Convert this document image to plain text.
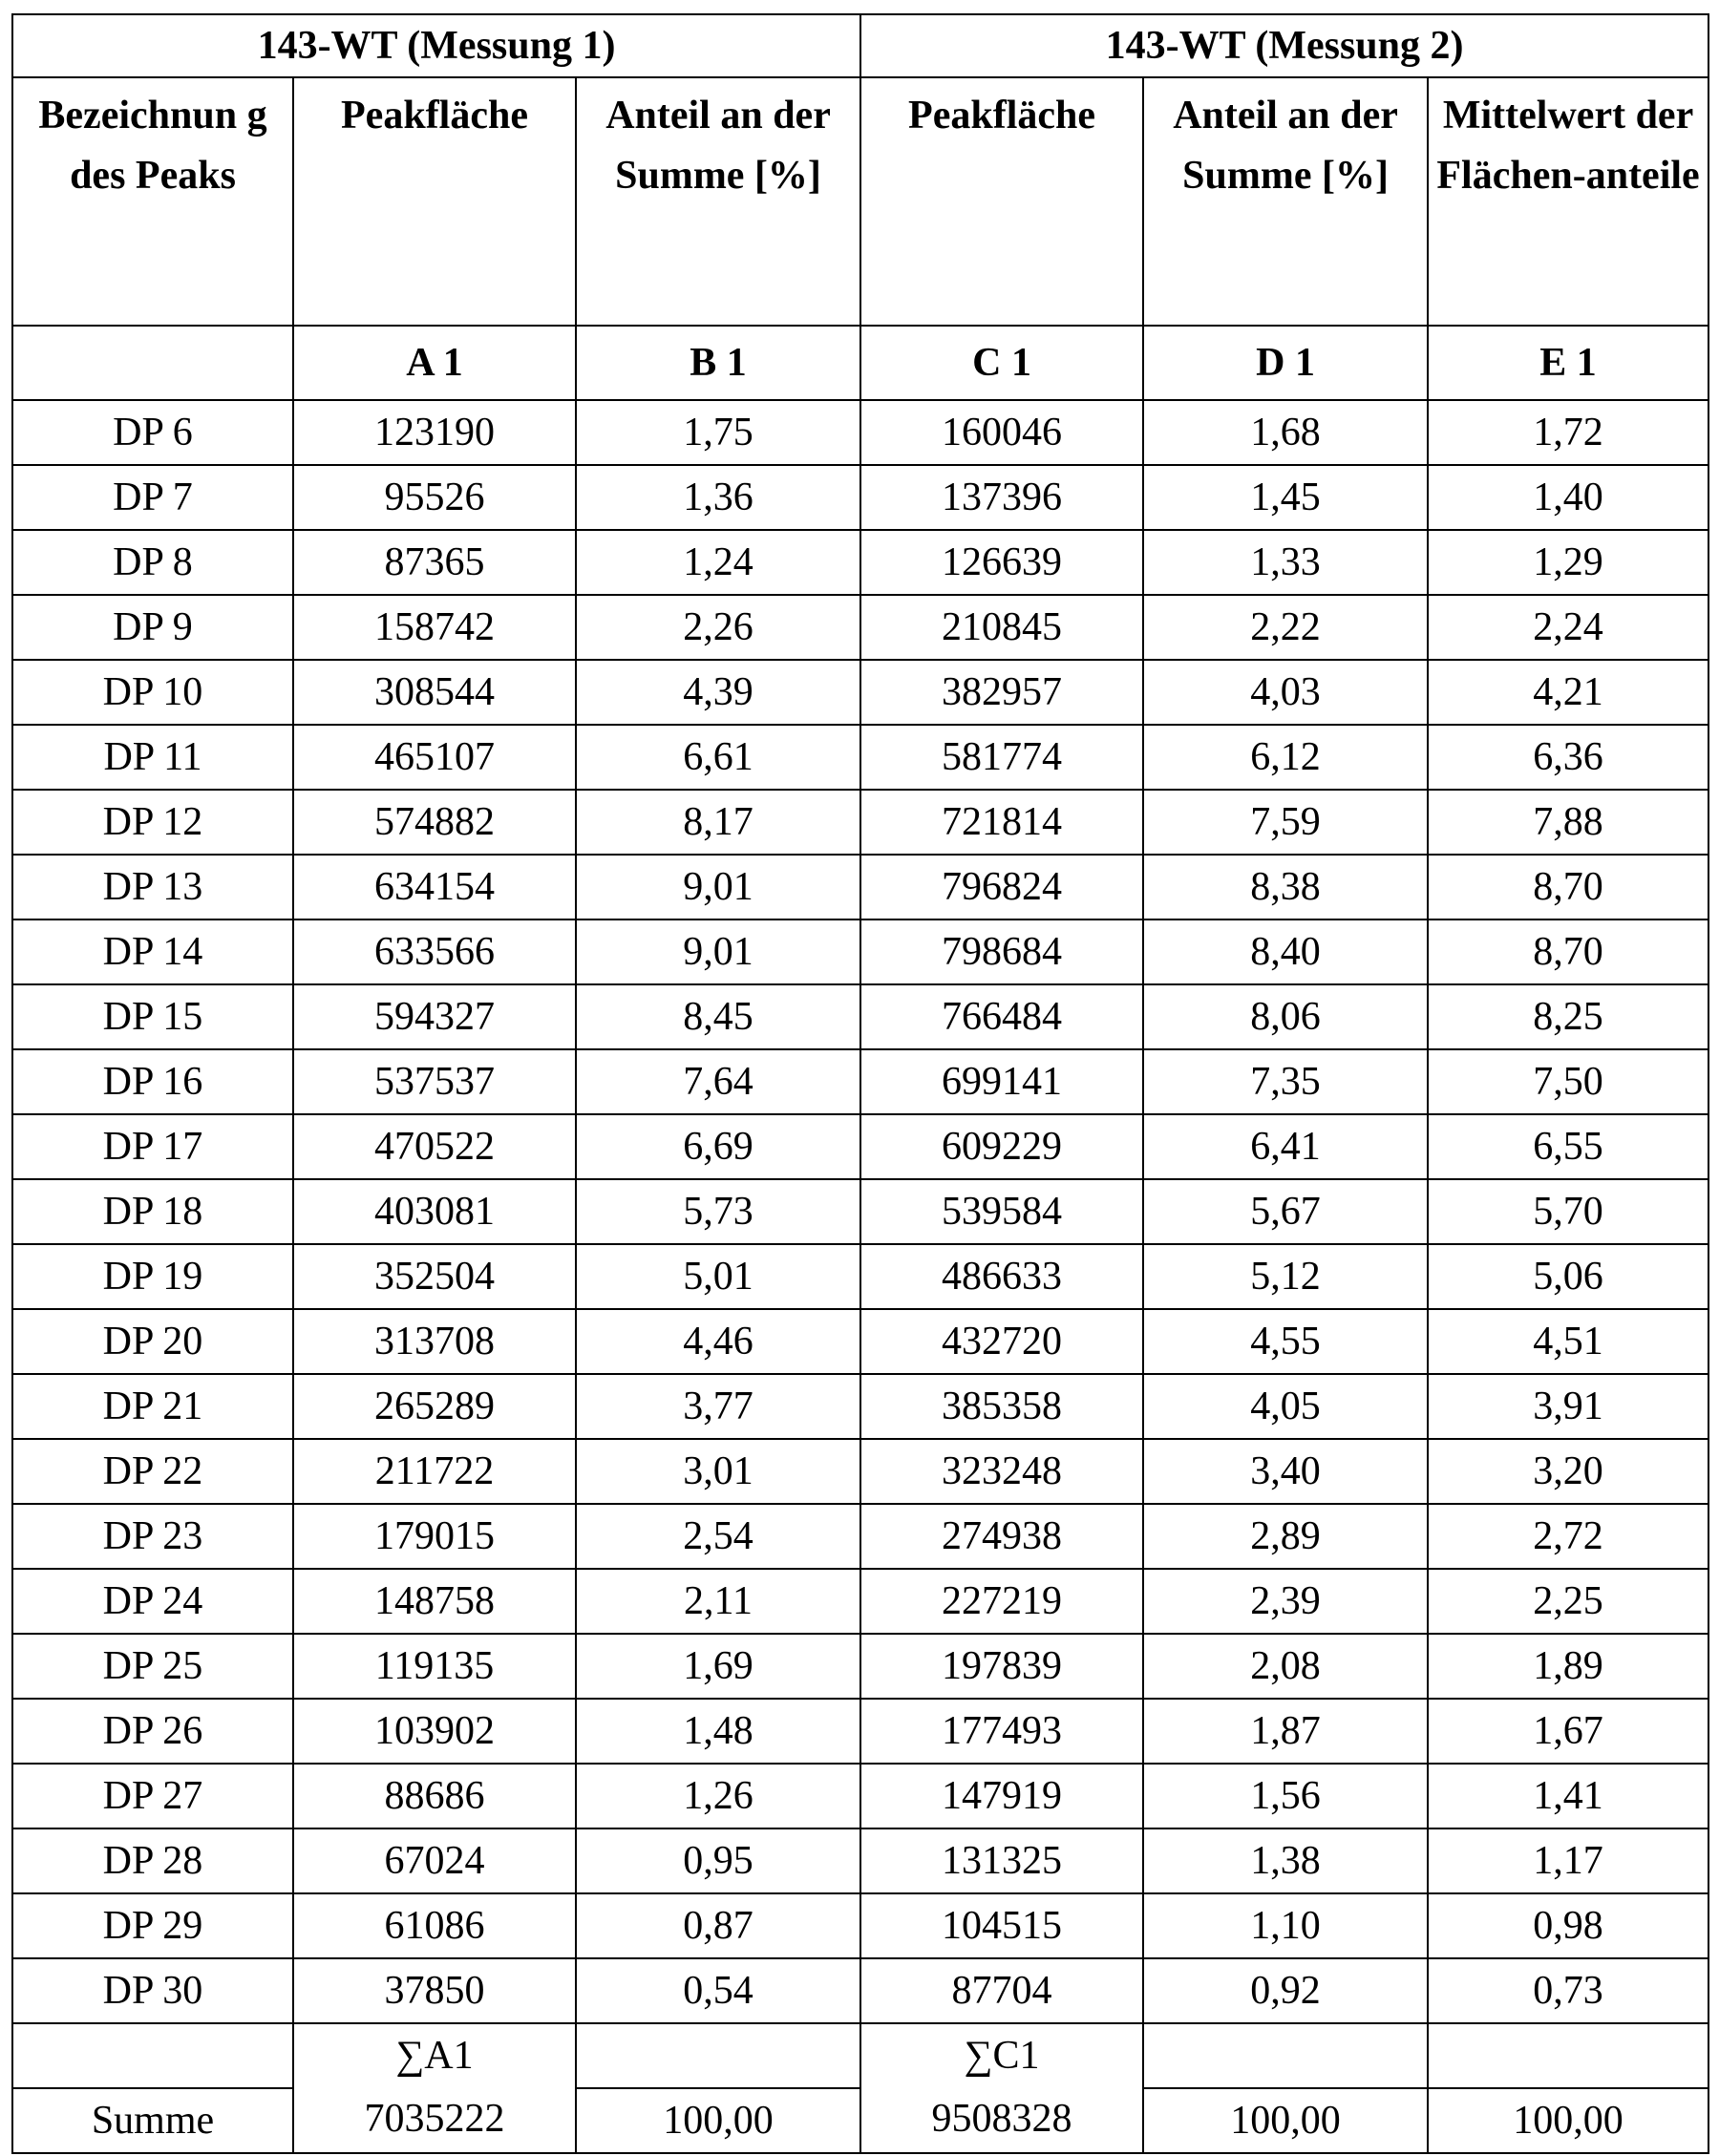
143-WT (Messung 1)	143-WT (Messung 2)
Bezeichnun g des Peaks	Peakfläche	Anteil an der Summe [%]	Peakfläche	Anteil an der Summe [%]	Mittelwert der Flächen-anteile
	A 1	B 1	C 1	D 1	E 1
DP 6	123190	1,75	160046	1,68	1,72
DP 7	95526	1,36	137396	1,45	1,40
DP 8	87365	1,24	126639	1,33	1,29
DP 9	158742	2,26	210845	2,22	2,24
DP 10	308544	4,39	382957	4,03	4,21
DP 11	465107	6,61	581774	6,12	6,36
DP 12	574882	8,17	721814	7,59	7,88
DP 13	634154	9,01	796824	8,38	8,70
DP 14	633566	9,01	798684	8,40	8,70
DP 15	594327	8,45	766484	8,06	8,25
DP 16	537537	7,64	699141	7,35	7,50
DP 17	470522	6,69	609229	6,41	6,55
DP 18	403081	5,73	539584	5,67	5,70
DP 19	352504	5,01	486633	5,12	5,06
DP 20	313708	4,46	432720	4,55	4,51
DP 21	265289	3,77	385358	4,05	3,91
DP 22	211722	3,01	323248	3,40	3,20
DP 23	179015	2,54	274938	2,89	2,72
DP 24	148758	2,11	227219	2,39	2,25
DP 25	119135	1,69	197839	2,08	1,89
DP 26	103902	1,48	177493	1,87	1,67
DP 27	88686	1,26	147919	1,56	1,41
DP 28	67024	0,95	131325	1,38	1,17
DP 29	61086	0,87	104515	1,10	0,98
DP 30	37850	0,54	87704	0,92	0,73

∑A1
7035222

∑C1
9508328

Summe	100,00	100,00	100,00
